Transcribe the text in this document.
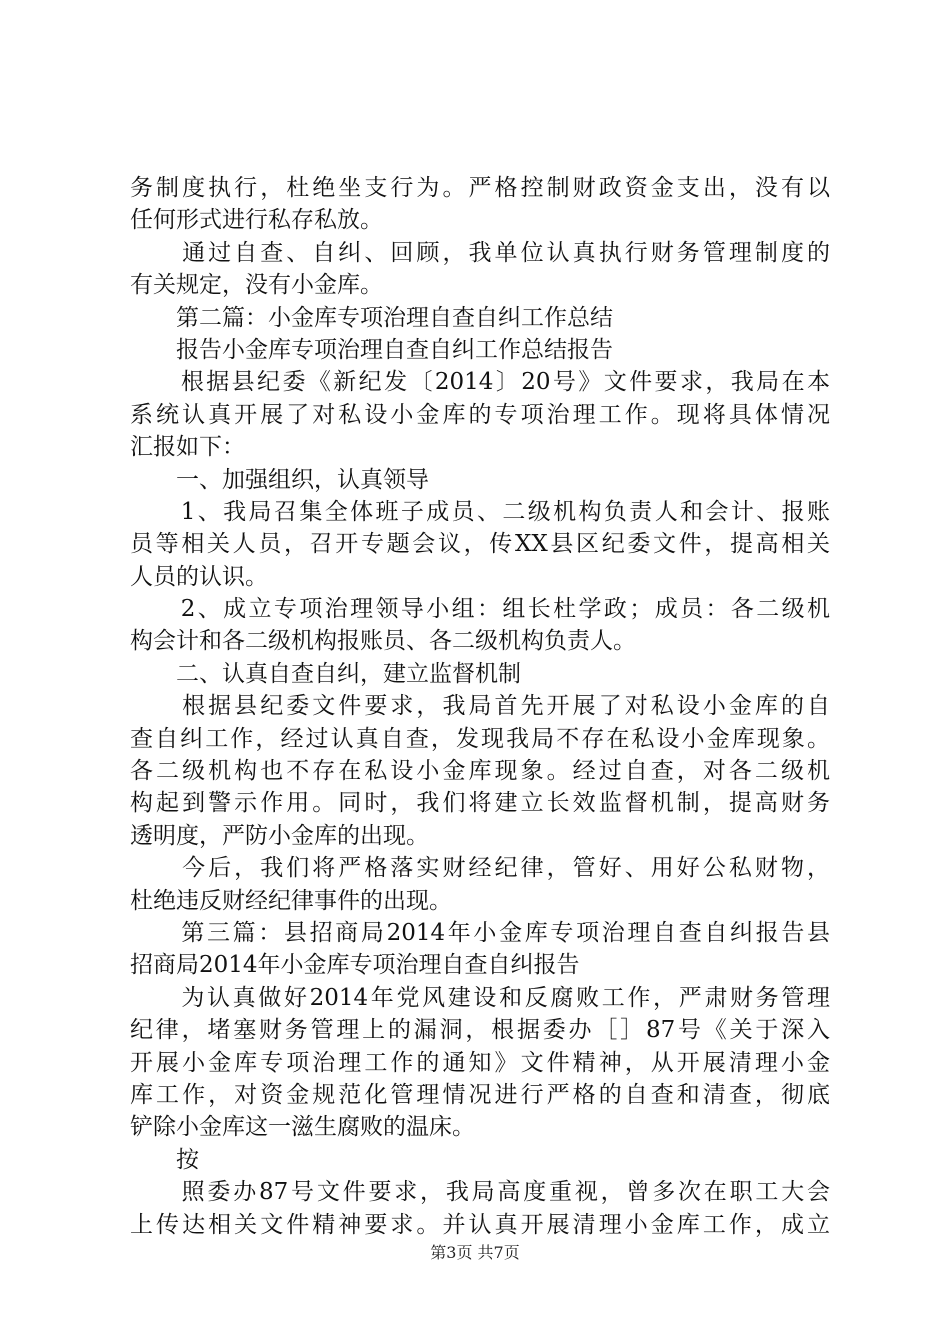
务制度执行，杜绝坐支行为。严格控制财政资金支出，没有以
任何形式进行私存私放。
　　通过自查、自纠、回顾，我单位认真执行财务管理制度的
有关规定，没有小金库。
　　第二篇：小金库专项治理自查自纠工作总结
　　报告小金库专项治理自查自纠工作总结报告
　　根据县纪委《新纪发〔2014〕20号》文件要求，我局在本
系统认真开展了对私设小金库的专项治理工作。现将具体情况
汇报如下：
　　一、加强组织，认真领导
　　1、我局召集全体班子成员、二级机构负责人和会计、报账
员等相关人员，召开专题会议，传XX县区纪委文件，提高相关
人员的认识。
　　2、成立专项治理领导小组：组长杜学政；成员：各二级机
构会计和各二级机构报账员、各二级机构负责人。
　　二、认真自查自纠，建立监督机制
　　根据县纪委文件要求，我局首先开展了对私设小金库的自
查自纠工作，经过认真自查，发现我局不存在私设小金库现象。
各二级机构也不存在私设小金库现象。经过自查，对各二级机
构起到警示作用。同时，我们将建立长效监督机制，提高财务
透明度，严防小金库的出现。
　　今后，我们将严格落实财经纪律，管好、用好公私财物，
杜绝违反财经纪律事件的出现。
　　第三篇：县招商局2014年小金库专项治理自查自纠报告县
招商局2014年小金库专项治理自查自纠报告
　　为认真做好2014年党风建设和反腐败工作，严肃财务管理
纪律，堵塞财务管理上的漏洞，根据委办［］87号《关于深入
开展小金库专项治理工作的通知》文件精神，从开展清理小金
库工作，对资金规范化管理情况进行严格的自查和清查，彻底
铲除小金库这一滋生腐败的温床。
　　按
　　照委办87号文件要求，我局高度重视，曾多次在职工大会
上传达相关文件精神要求。并认真开展清理小金库工作，成立
第3页 共7页
